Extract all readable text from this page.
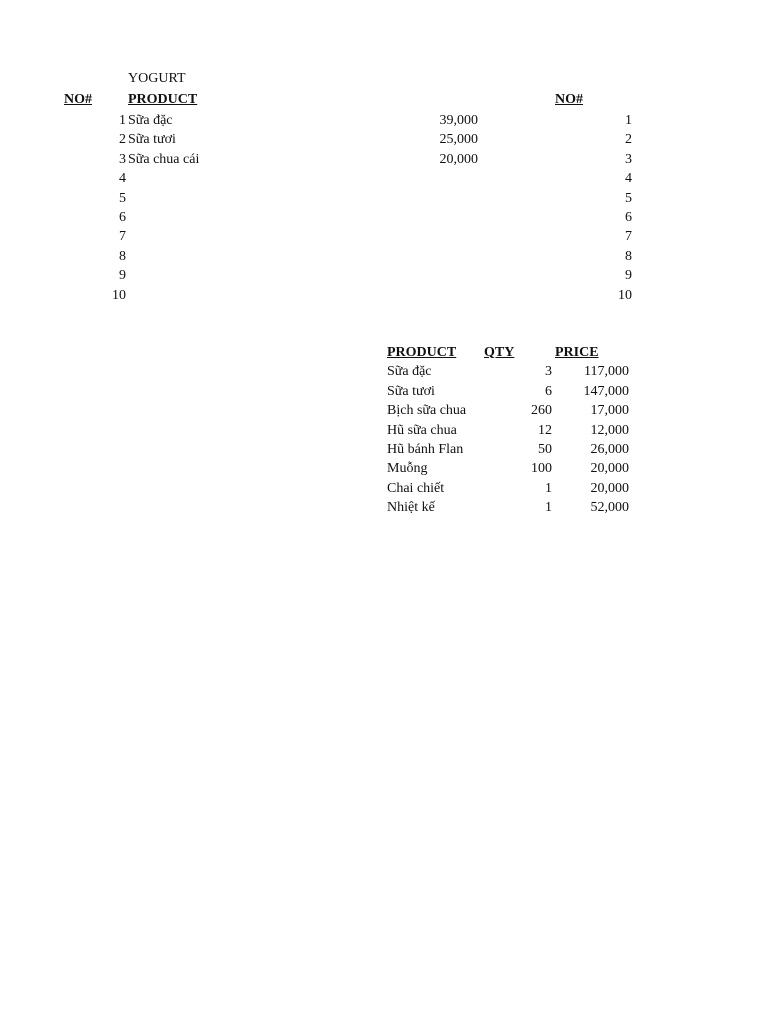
YOGURT
NO#	PRODUCT	NO#
1
2
3
4
5
6
7
8
9
10
Sữa đặc
Sữa tươi
Sữa chua cái
39,000
25,000
20,000
1
2
3
4
5
6
7
8
9
10
PRODUCT
Sữa đặc
Sữa tươi
Bịch sữa chua
Hũ sữa chua
Hũ bánh Flan
Muỗng
Chai chiết
Nhiệt kế
QTY
3
6
260
12
50
100
1
1
PRICE
117,000
147,000
17,000
12,000
26,000
20,000
20,000
52,000
